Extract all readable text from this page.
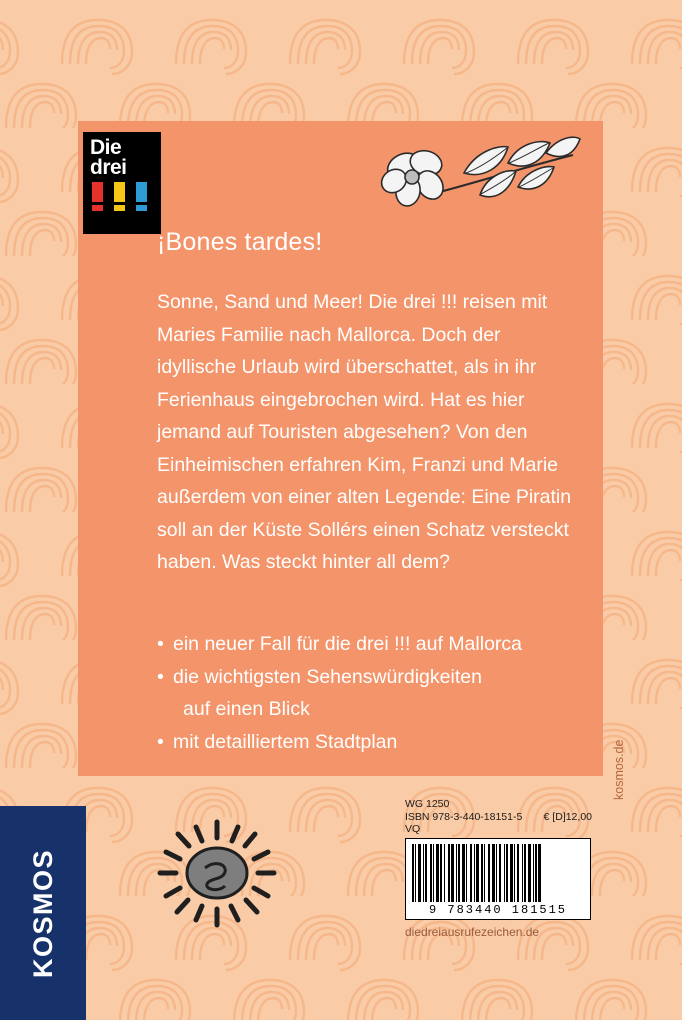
Die
drei
¡Bones tardes!
Sonne, Sand und Meer! Die drei !!! reisen mit Maries Familie nach Mallorca. Doch der idyllische Urlaub wird überschattet, als in ihr Ferienhaus eingebrochen wird. Hat es hier jemand auf Touristen abgesehen? Von den Einheimischen erfahren Kim, Franzi und Marie außerdem von einer alten Legende: Eine Piratin soll an der Küste Sollérs einen Schatz versteckt haben. Was steckt hinter all dem?
• ein neuer Fall für die drei !!! auf Mallorca
• die wichtigsten Sehenswürdigkeiten
auf einen Blick
• mit detailliertem Stadtplan
KOSMOS
WG 1250
ISBN 978-3-440-18151-5 € [D]12,00
VQ
9 783440 181515
diedreiausrufezeichen.de
kosmos.de
